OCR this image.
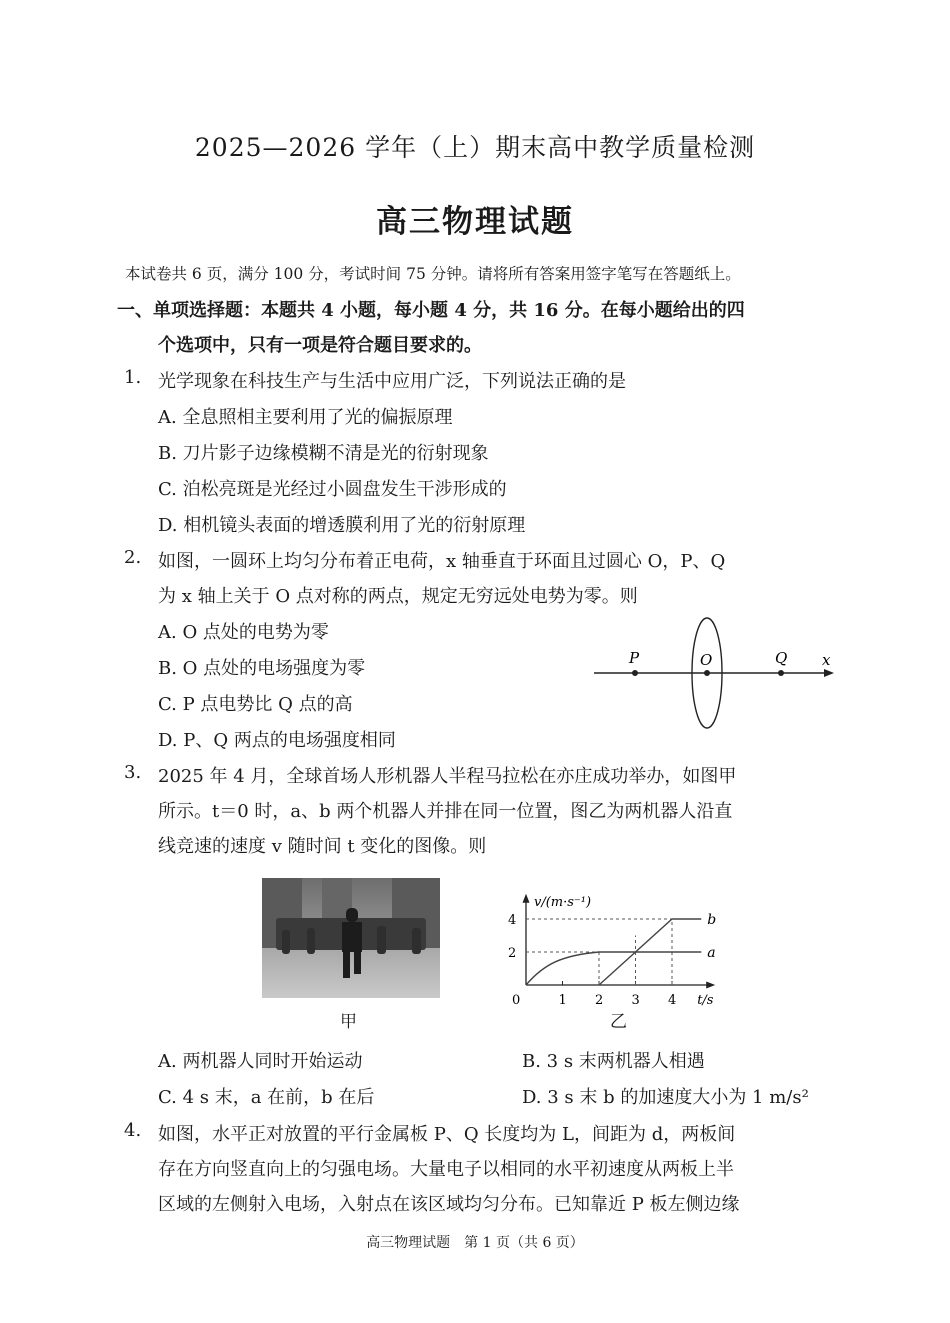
2025—2026 学年（上）期末高中教学质量检测
高三物理试题
本试卷共 6 页，满分 100 分，考试时间 75 分钟。请将所有答案用签字笔写在答题纸上。
一、单项选择题：本题共 4 小题，每小题 4 分，共 16 分。在每小题给出的四
个选项中，只有一项是符合题目要求的。
1. 光学现象在科技生产与生活中应用广泛，下列说法正确的是
A. 全息照相主要利用了光的偏振原理
B. 刀片影子边缘模糊不清是光的衍射现象
C. 泊松亮斑是光经过小圆盘发生干涉形成的
D. 相机镜头表面的增透膜利用了光的衍射原理
2. 如图，一圆环上均匀分布着正电荷，x 轴垂直于环面且过圆心 O，P、Q
为 x 轴上关于 O 点对称的两点，规定无穷远处电势为零。则
A. O 点处的电势为零
B. O 点处的电场强度为零
C. P 点电势比 Q 点的高
D. P、Q 两点的电场强度相同
P	O	Q x
3. 2025 年 4 月，全球首场人形机器人半程马拉松在亦庄成功举办，如图甲
所示。t＝0 时，a、b 两个机器人并排在同一位置，图乙为两机器人沿直
线竞速的速度 v 随时间 t 变化的图像。则
甲
v/(m·s⁻¹)
t/s
0	1 2 3 4
2
4
a
b
乙
A. 两机器人同时开始运动	B. 3 s 末两机器人相遇
C. 4 s 末，a 在前，b 在后	D. 3 s 末 b 的加速度大小为 1 m/s²
4. 如图，水平正对放置的平行金属板 P、Q 长度均为 L，间距为 d，两板间
存在方向竖直向上的匀强电场。大量电子以相同的水平初速度从两板上半
区域的左侧射入电场，入射点在该区域均匀分布。已知靠近 P 板左侧边缘
高三物理试题　第 1 页（共 6 页）
